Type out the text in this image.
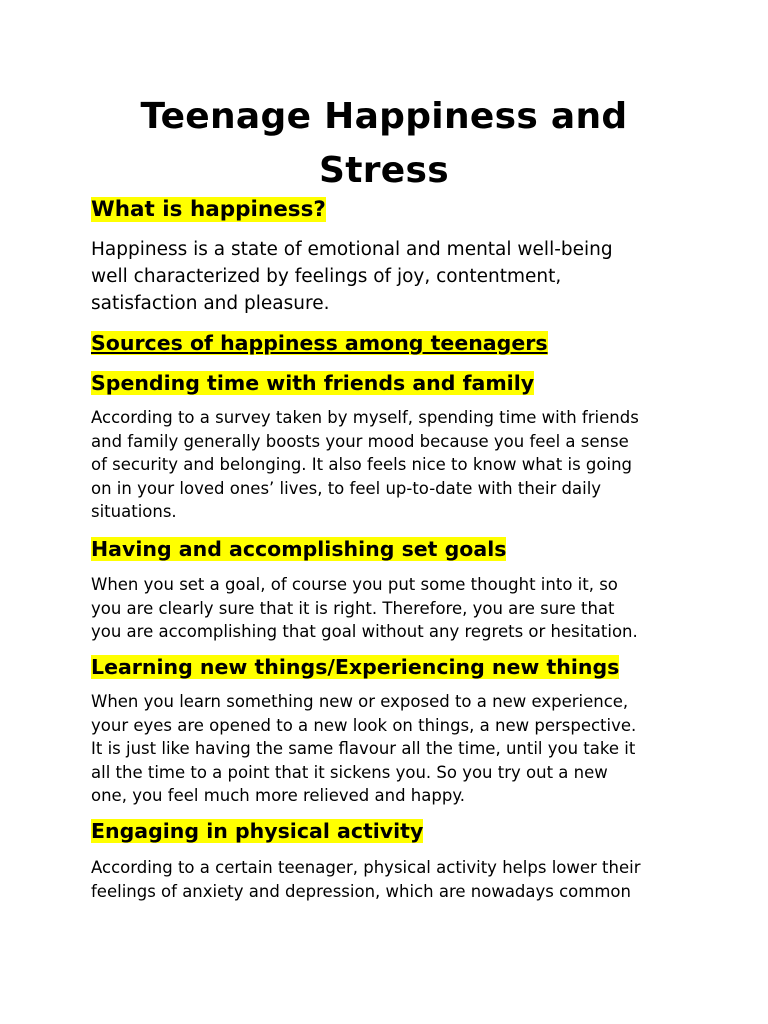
Teenage Happiness and
Stress
What is happiness?

Happiness is a state of emotional and mental well-being
well characterized by feelings of joy, contentment,
satisfaction and pleasure.

Sources of happiness among teenagers
Spending time with friends and family

According to a survey taken by myself, spending time with friends
and family generally boosts your mood because you feel a sense
of security and belonging. It also feels nice to know what is going
on in your loved ones’ lives, to feel up-to-date with their daily
situations.

Having and accomplishing set goals

When you set a goal, of course you put some thought into it, so
you are clearly sure that it is right. Therefore, you are sure that
you are accomplishing that goal without any regrets or hesitation.

Learning new things/Experiencing new things

When you learn something new or exposed to a new experience,
your eyes are opened to a new look on things, a new perspective.
It is just like having the same flavour all the time, until you take it
all the time to a point that it sickens you. So you try out a new
one, you feel much more relieved and happy.

Engaging in physical activity

According to a certain teenager, physical activity helps lower their
feelings of anxiety and depression, which are nowadays common
